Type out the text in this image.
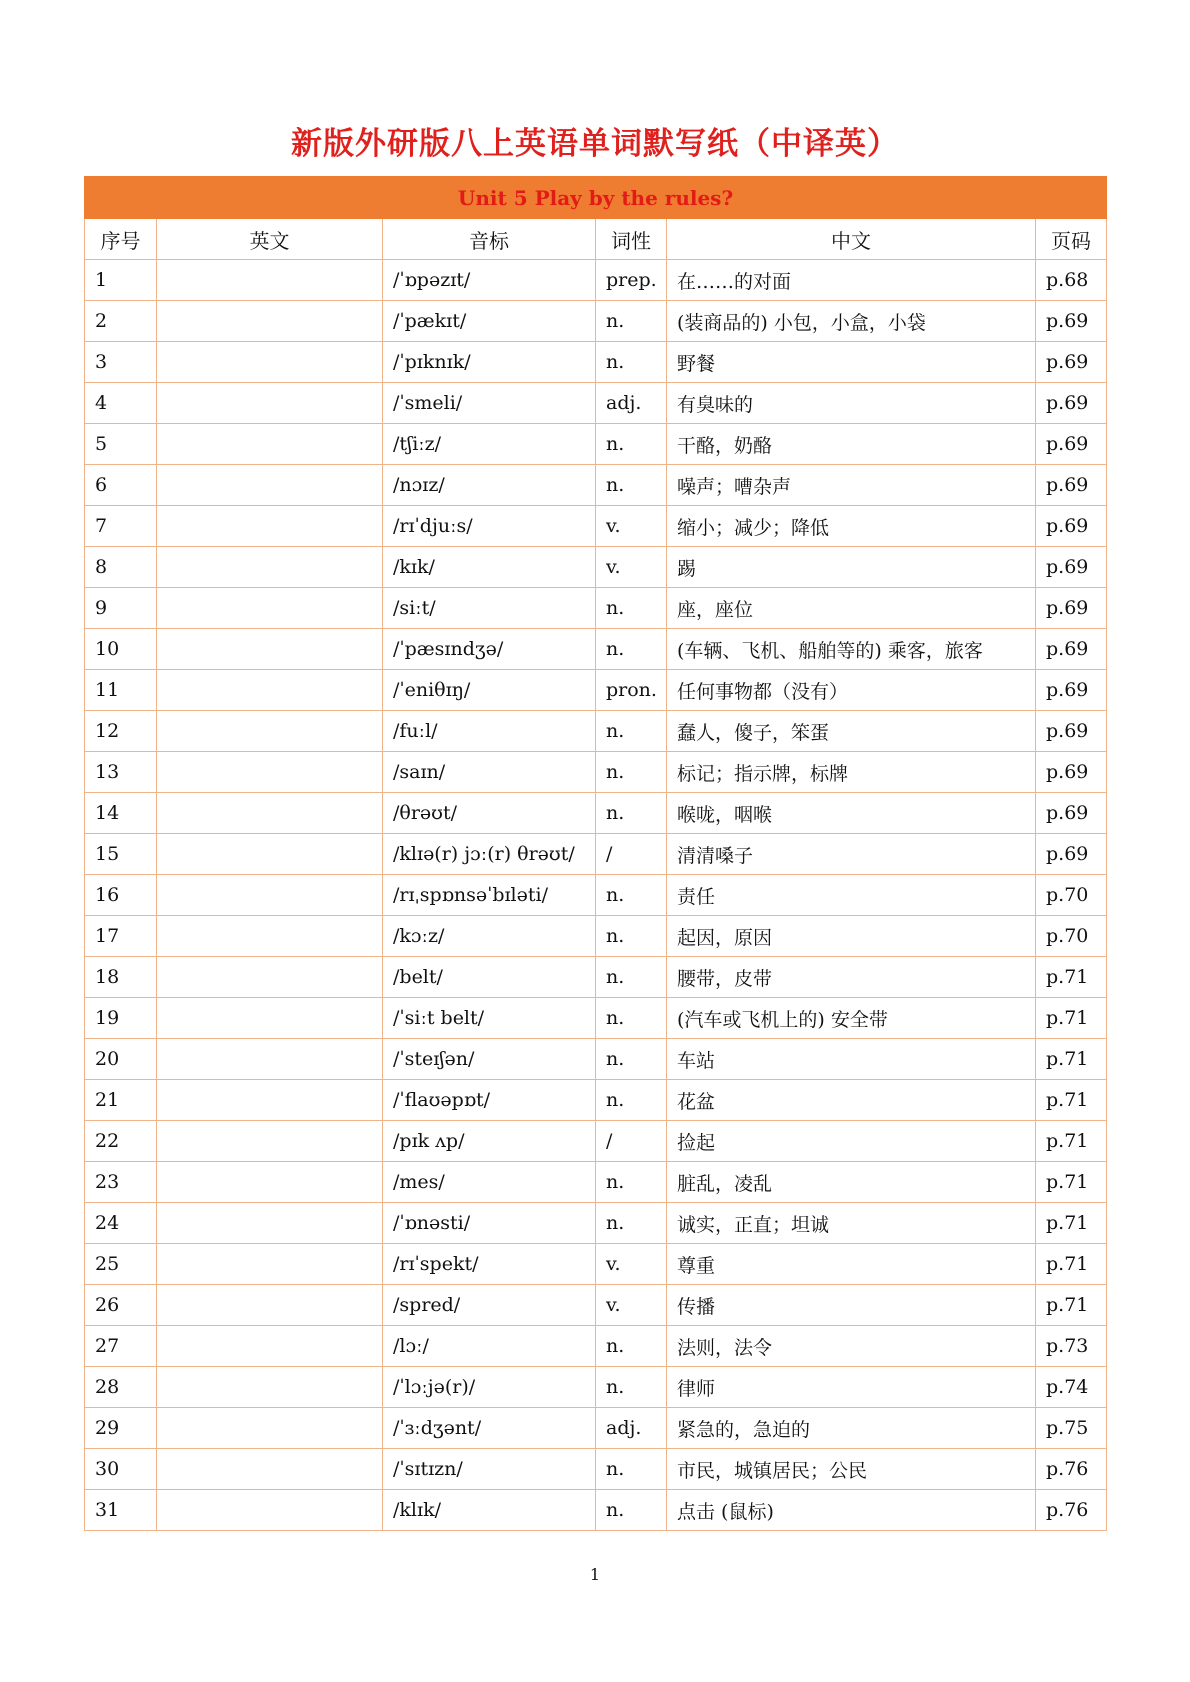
新版外研版八上英语单词默写纸（中译英）
Unit 5 Play by the rules?					
序号	英文	音标	词性	中文	页码
1		/ˈɒpəzɪt/	prep.	在……的对面	p.68
2		/ˈpækɪt/	n.	(装商品的) 小包，小盒，小袋	p.69
3		/ˈpɪknɪk/	n.	野餐	p.69
4		/ˈsmeli/	adj.	有臭味的	p.69
5		/tʃiːz/	n.	干酪，奶酪	p.69
6		/nɔɪz/	n.	噪声；嘈杂声	p.69
7		/rɪˈdjuːs/	v.	缩小；减少；降低	p.69
8		/kɪk/	v.	踢	p.69
9		/siːt/	n.	座，座位	p.69
10		/ˈpæsɪndʒə/	n.	(车辆、飞机、船舶等的) 乘客，旅客	p.69
11		/ˈeniθɪŋ/	pron.	任何事物都（没有）	p.69
12		/fuːl/	n.	蠢人，傻子，笨蛋	p.69
13		/saɪn/	n.	标记；指示牌，标牌	p.69
14		/θrəʊt/	n.	喉咙，咽喉	p.69
15		/klɪə(r) jɔː(r) θrəʊt/	/	清清嗓子	p.69
16		/rɪˌspɒnsəˈbɪləti/	n.	责任	p.70
17		/kɔːz/	n.	起因，原因	p.70
18		/belt/	n.	腰带，皮带	p.71
19		/ˈsiːt belt/	n.	(汽车或飞机上的) 安全带	p.71
20		/ˈsteɪʃən/	n.	车站	p.71
21		/ˈflaʊəpɒt/	n.	花盆	p.71
22		/pɪk ʌp/	/	捡起	p.71
23		/mes/	n.	脏乱，凌乱	p.71
24		/ˈɒnəsti/	n.	诚实，正直；坦诚	p.71
25		/rɪˈspekt/	v.	尊重	p.71
26		/spred/	v.	传播	p.71
27		/lɔː/	n.	法则，法令	p.73
28		/ˈlɔːjə(r)/	n.	律师	p.74
29		/ˈɜːdʒənt/	adj.	紧急的，急迫的	p.75
30		/ˈsɪtɪzn/	n.	市民，城镇居民；公民	p.76
31		/klɪk/	n.	点击 (鼠标)	p.76
1
